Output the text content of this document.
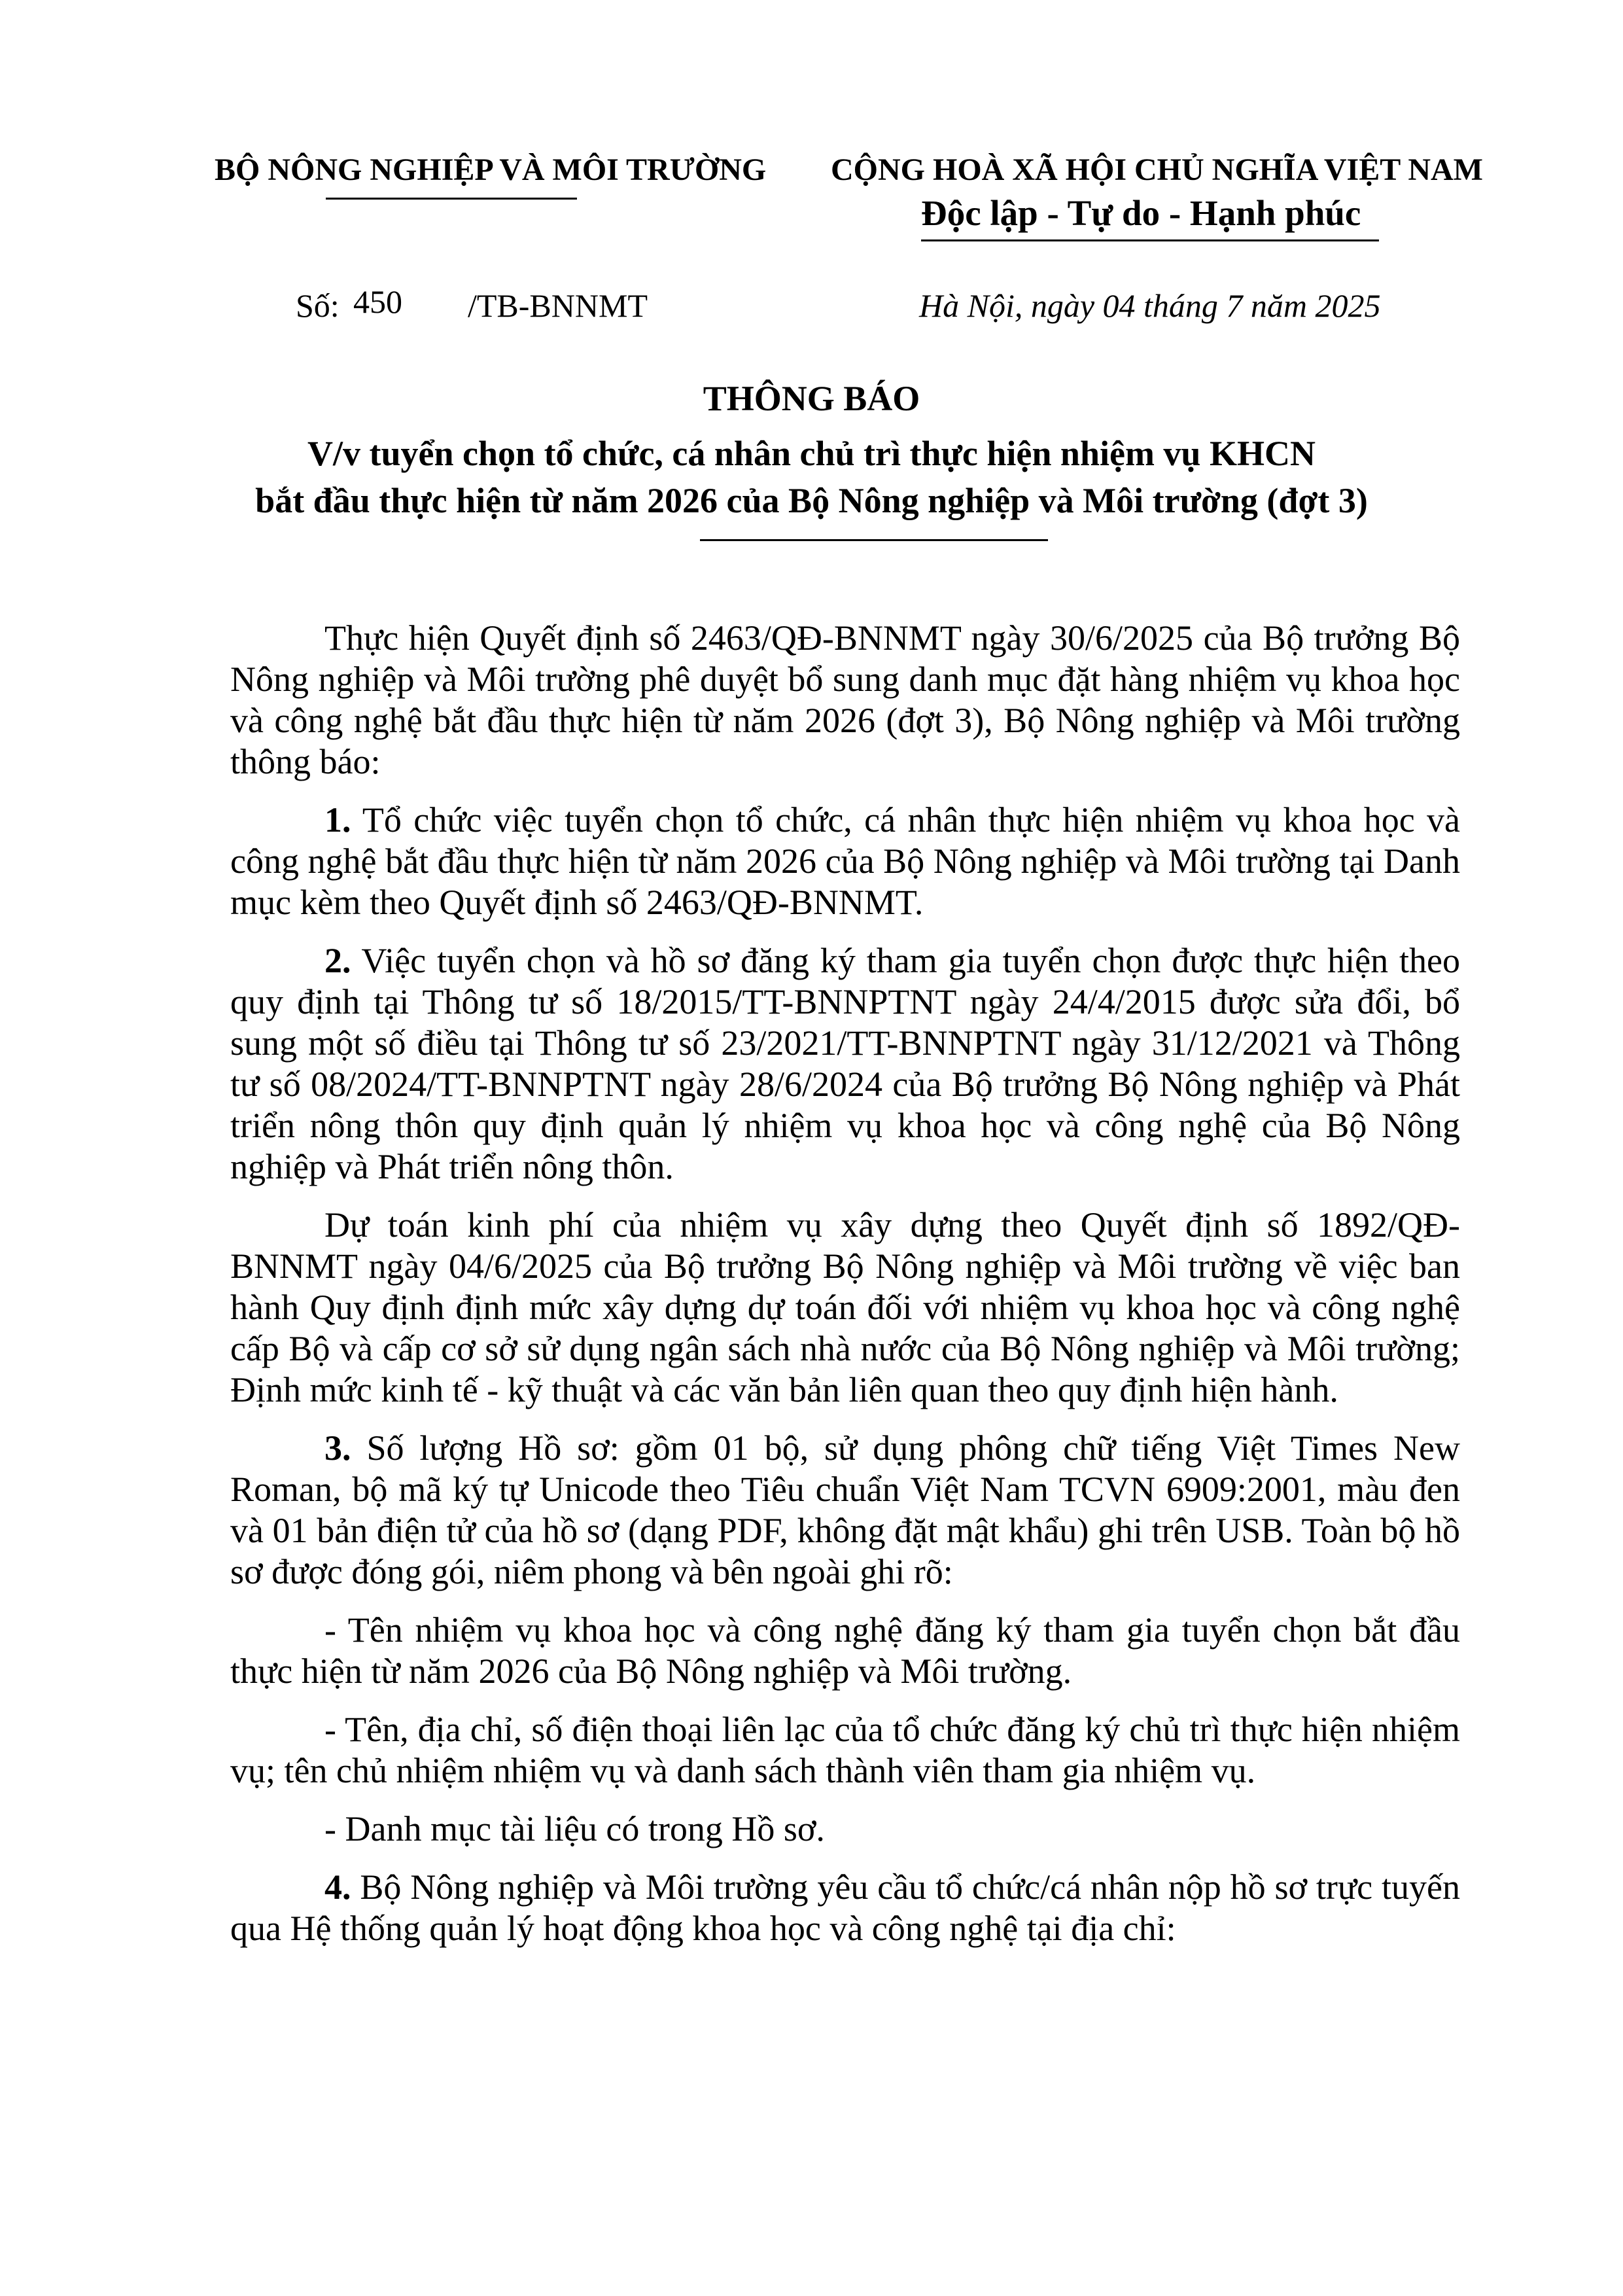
BỘ NÔNG NGHIỆP VÀ MÔI TRƯỜNG CỘNG HOÀ XÃ HỘI CHỦ NGHĨA VIỆT NAM
Độc lập - Tự do - Hạnh phúc
Số: 450 /TB-BNNMT	Hà Nội, ngày 04 tháng 7 năm 2025
THÔNG BÁO
V/v tuyển chọn tổ chức, cá nhân chủ trì thực hiện nhiệm vụ KHCN
bắt đầu thực hiện từ năm 2026 của Bộ Nông nghiệp và Môi trường (đợt 3)

Thực hiện Quyết định số 2463/QĐ-BNNMT ngày 30/6/2025 của Bộ trưởng Bộ Nông nghiệp và Môi trường phê duyệt bổ sung danh mục đặt hàng nhiệm vụ khoa học và công nghệ bắt đầu thực hiện từ năm 2026 (đợt 3), Bộ Nông nghiệp và Môi trường thông báo:

1. Tổ chức việc tuyển chọn tổ chức, cá nhân thực hiện nhiệm vụ khoa học và công nghệ bắt đầu thực hiện từ năm 2026 của Bộ Nông nghiệp và Môi trường tại Danh mục kèm theo Quyết định số 2463/QĐ-BNNMT.

2. Việc tuyển chọn và hồ sơ đăng ký tham gia tuyển chọn được thực hiện theo quy định tại Thông tư số 18/2015/TT-BNNPTNT ngày 24/4/2015 được sửa đổi, bổ sung một số điều tại Thông tư số 23/2021/TT-BNNPTNT ngày 31/12/2021 và Thông tư số 08/2024/TT-BNNPTNT ngày 28/6/2024 của Bộ trưởng Bộ Nông nghiệp và Phát triển nông thôn quy định quản lý nhiệm vụ khoa học và công nghệ của Bộ Nông nghiệp và Phát triển nông thôn.

Dự toán kinh phí của nhiệm vụ xây dựng theo Quyết định số 1892/QĐ-BNNMT ngày 04/6/2025 của Bộ trưởng Bộ Nông nghiệp và Môi trường về việc ban hành Quy định định mức xây dựng dự toán đối với nhiệm vụ khoa học và công nghệ cấp Bộ và cấp cơ sở sử dụng ngân sách nhà nước của Bộ Nông nghiệp và Môi trường; Định mức kinh tế - kỹ thuật và các văn bản liên quan theo quy định hiện hành.

3. Số lượng Hồ sơ: gồm 01 bộ, sử dụng phông chữ tiếng Việt Times New Roman, bộ mã ký tự Unicode theo Tiêu chuẩn Việt Nam TCVN 6909:2001, màu đen và 01 bản điện tử của hồ sơ (dạng PDF, không đặt mật khẩu) ghi trên USB. Toàn bộ hồ sơ được đóng gói, niêm phong và bên ngoài ghi rõ:

- Tên nhiệm vụ khoa học và công nghệ đăng ký tham gia tuyển chọn bắt đầu thực hiện từ năm 2026 của Bộ Nông nghiệp và Môi trường.

- Tên, địa chỉ, số điện thoại liên lạc của tổ chức đăng ký chủ trì thực hiện nhiệm vụ; tên chủ nhiệm nhiệm vụ và danh sách thành viên tham gia nhiệm vụ.

- Danh mục tài liệu có trong Hồ sơ.

4. Bộ Nông nghiệp và Môi trường yêu cầu tổ chức/cá nhân nộp hồ sơ trực tuyến qua Hệ thống quản lý hoạt động khoa học và công nghệ tại địa chỉ:
